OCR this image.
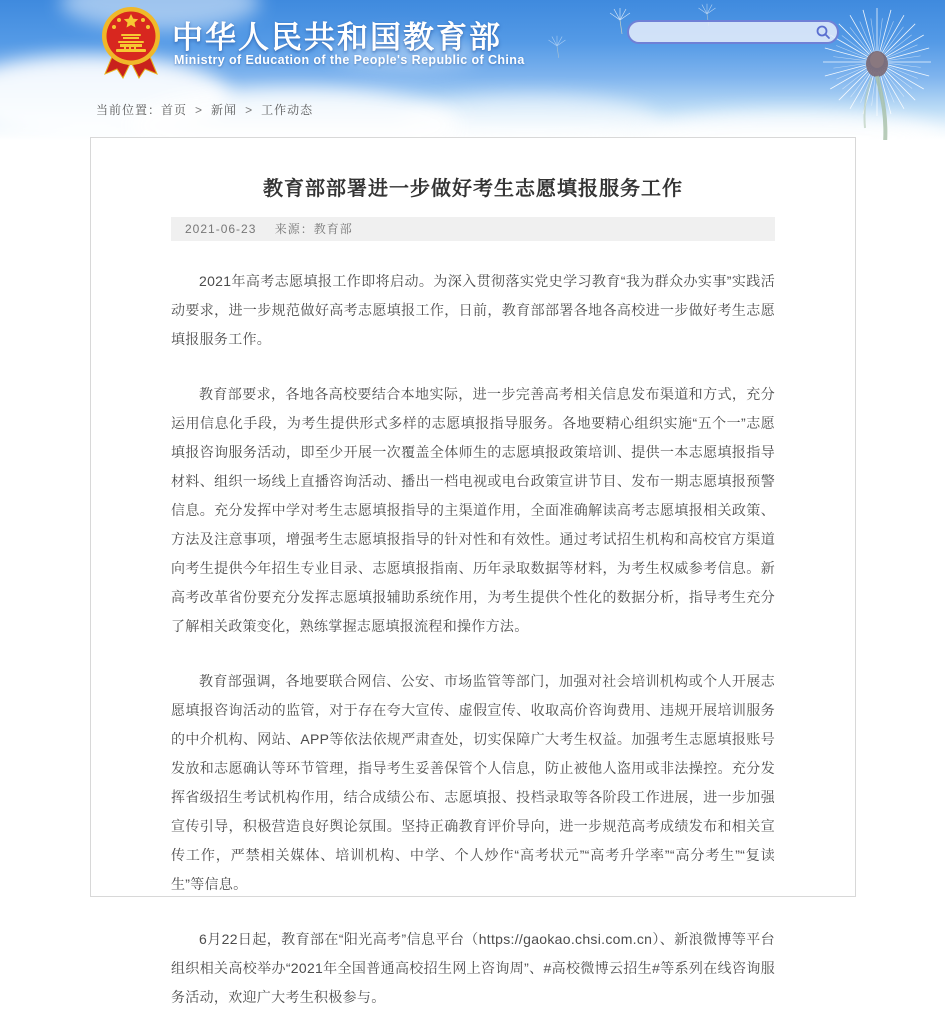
中华人民共和国教育部
Ministry of Education of the People's Republic of China
当前位置：首页 > 新闻 > 工作动态
教育部部署进一步做好考生志愿填报服务工作
2021-06-23 来源：教育部

2021年高考志愿填报工作即将启动。为深入贯彻落实党史学习教育“我为群众办实事”实践活动要求，进一步规范做好高考志愿填报工作，日前，教育部部署各地各高校进一步做好考生志愿填报服务工作。

教育部要求，各地各高校要结合本地实际，进一步完善高考相关信息发布渠道和方式，充分运用信息化手段，为考生提供形式多样的志愿填报指导服务。各地要精心组织实施“五个一”志愿填报咨询服务活动，即至少开展一次覆盖全体师生的志愿填报政策培训、提供一本志愿填报指导材料、组织一场线上直播咨询活动、播出一档电视或电台政策宣讲节目、发布一期志愿填报预警信息。充分发挥中学对考生志愿填报指导的主渠道作用，全面准确解读高考志愿填报相关政策、方法及注意事项，增强考生志愿填报指导的针对性和有效性。通过考试招生机构和高校官方渠道向考生提供今年招生专业目录、志愿填报指南、历年录取数据等材料，为考生权威参考信息。新高考改革省份要充分发挥志愿填报辅助系统作用，为考生提供个性化的数据分析，指导考生充分了解相关政策变化，熟练掌握志愿填报流程和操作方法。

教育部强调，各地要联合网信、公安、市场监管等部门，加强对社会培训机构或个人开展志愿填报咨询活动的监管，对于存在夸大宣传、虚假宣传、收取高价咨询费用、违规开展培训服务的中介机构、网站、APP等依法依规严肃查处，切实保障广大考生权益。加强考生志愿填报账号发放和志愿确认等环节管理，指导考生妥善保管个人信息，防止被他人盗用或非法操控。充分发挥省级招生考试机构作用，结合成绩公布、志愿填报、投档录取等各阶段工作进展，进一步加强宣传引导，积极营造良好舆论氛围。坚持正确教育评价导向，进一步规范高考成绩发布和相关宣传工作，严禁相关媒体、培训机构、中学、个人炒作“高考状元”“高考升学率”“高分考生”“复读生”等信息。

6月22日起，教育部在“阳光高考”信息平台（https://gaokao.chsi.com.cn）、新浪微博等平台组织相关高校举办“2021年全国普通高校招生网上咨询周”、#高校微博云招生#等系列在线咨询服务活动，欢迎广大考生积极参与。
